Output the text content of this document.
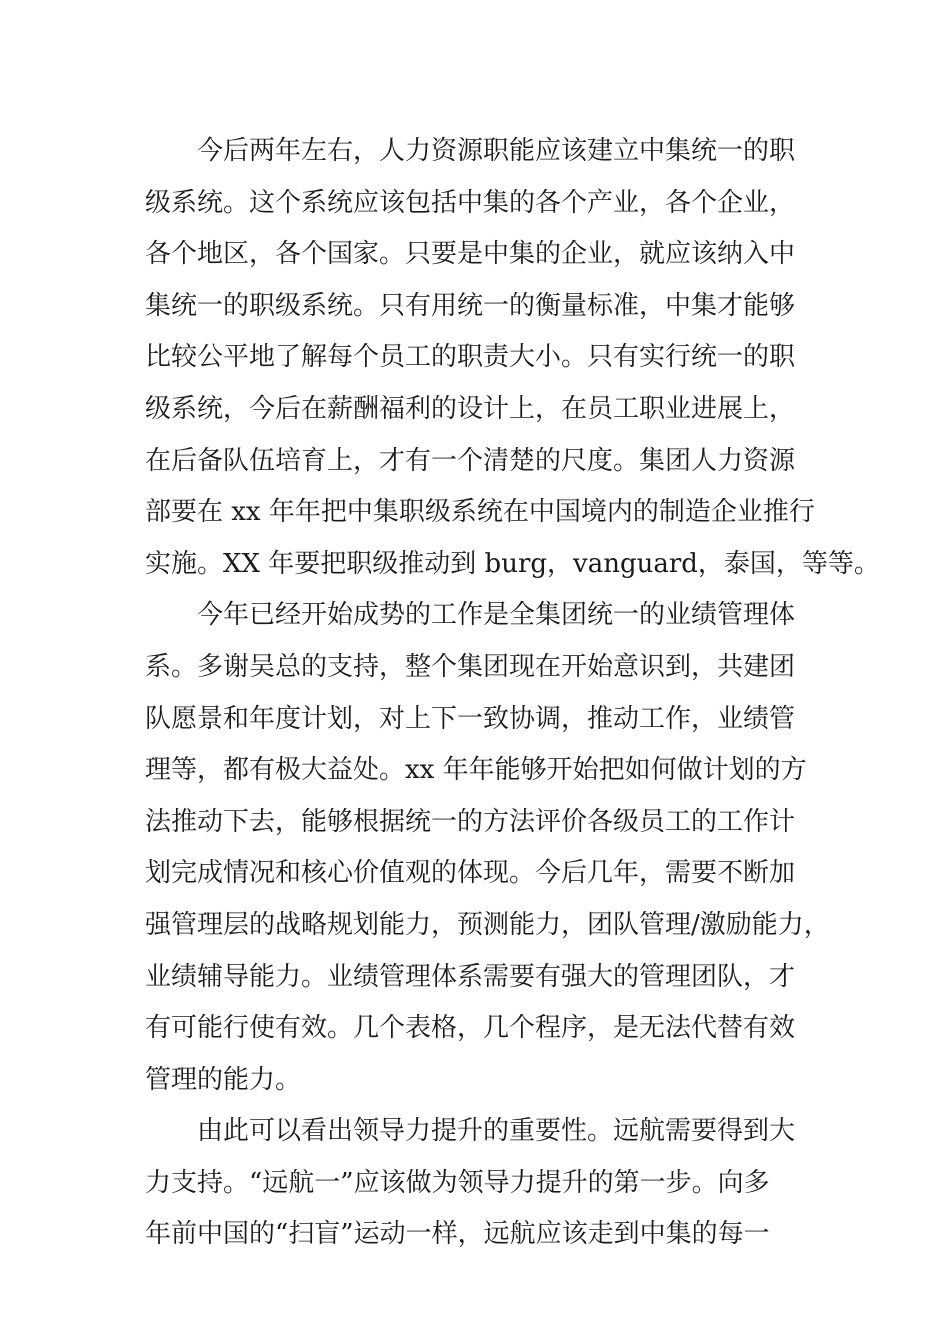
今后两年左右，人力资源职能应该建立中集统一的职
级系统。这个系统应该包括中集的各个产业，各个企业，
各个地区，各个国家。只要是中集的企业，就应该纳入中
集统一的职级系统。只有用统一的衡量标准，中集才能够
比较公平地了解每个员工的职责大小。只有实行统一的职
级系统，今后在薪酬福利的设计上，在员工职业进展上，
在后备队伍培育上，才有一个清楚的尺度。集团人力资源
部要在 xx 年年把中集职级系统在中国境内的制造企业推行
实施。XX 年要把职级推动到 burg，vanguard，泰国，等等。
今年已经开始成势的工作是全集团统一的业绩管理体
系。多谢吴总的支持，整个集团现在开始意识到，共建团
队愿景和年度计划，对上下一致协调，推动工作，业绩管
理等，都有极大益处。xx 年年能够开始把如何做计划的方
法推动下去，能够根据统一的方法评价各级员工的工作计
划完成情况和核心价值观的体现。今后几年，需要不断加
强管理层的战略规划能力，预测能力，团队管理/激励能力，
业绩辅导能力。业绩管理体系需要有强大的管理团队，才
有可能行使有效。几个表格，几个程序，是无法代替有效
管理的能力。
由此可以看出领导力提升的重要性。远航需要得到大
力支持。“远航一”应该做为领导力提升的第一步。向多
年前中国的“扫盲”运动一样，远航应该走到中集的每一
